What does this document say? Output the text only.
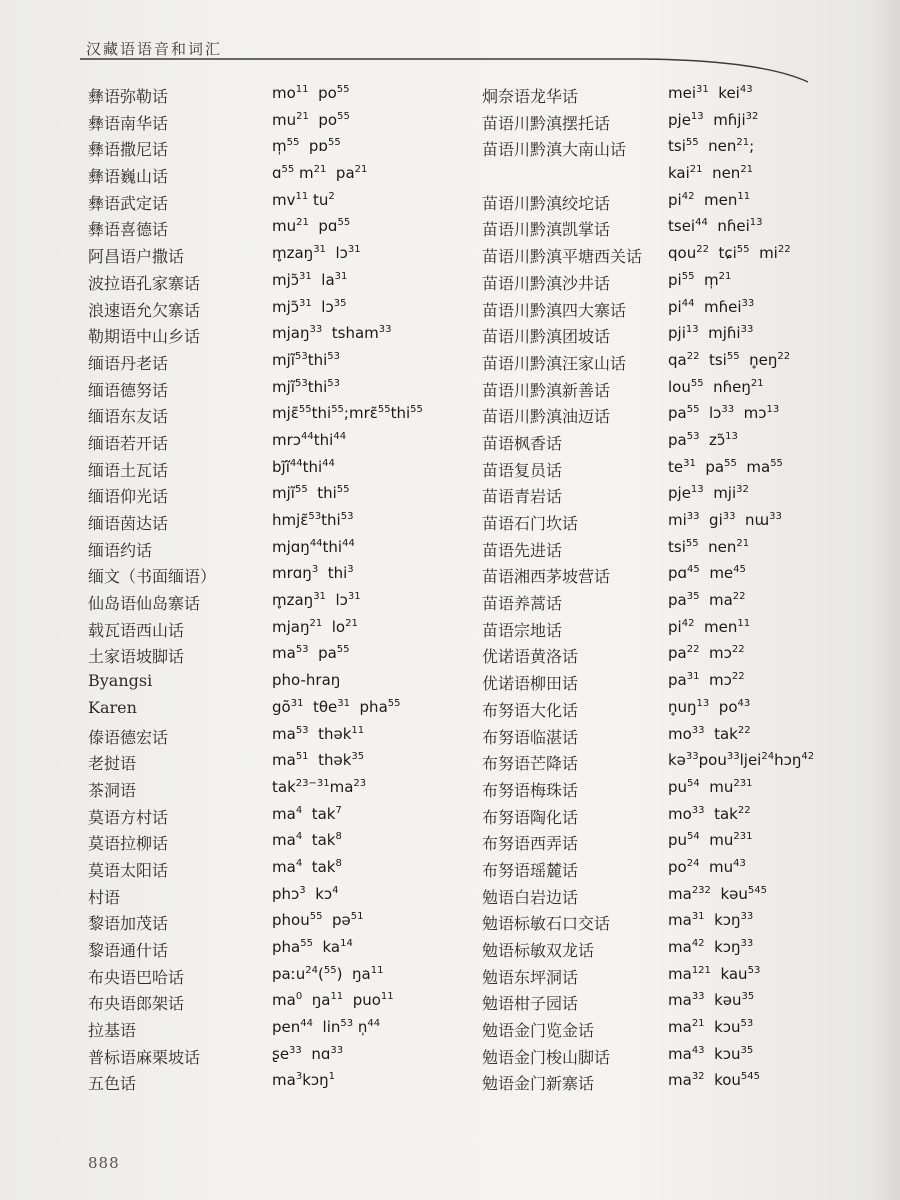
汉藏语语音和词汇
彝语弥勒话	$mo^{11}$  $po^{55}$
彝语南华话	$mu^{21}$  $po^{55}$
彝语撒尼话	m̩$^{55}$  pɒ$^{55}$
彝语巍山话	ɑ$^{55}$ $m^{21}$  $pa^{21}$
彝语武定话	$mv^{11}$ $tu^2$
彝语喜德话	$mu^{21}$  pɑ$^{55}$
阿昌语户撒话	m̥zaŋ$^{31}$  lɔ$^{31}$
波拉语孔家寨话	mjɔ̃$^{31}$  $la^{31}$
浪速语允欠寨话	mjɔ̃$^{31}$  lɔ$^{35}$
勒期语中山乡话	mjaŋ$^{33}$  tsham$^{33}$
缅语丹老话	mjĩ$^{53}$thi$^{53}$
缅语德努话	mjĩ$^{53}$thi$^{53}$
缅语东友话	mjɛ̃$^{55}$thi$^{55}$;mrɛ̃$^{55}$thi$^{55}$
缅语若开话	mrɔ$^{44}$thi$^{44}$
缅语土瓦话	$bj̃ĩ^{44}thi^{44}$
缅语仰光话	mjĩ$^{55}$  thi$^{55}$
缅语茵达话	hmjɛ̃$^{53}$thi$^{53}$
缅语约话	mjɑŋ$^{44}$thi$^{44}$
缅文（书面缅语）	mrɑŋ$^3$  thi$^3$
仙岛语仙岛寨话	m̥zaŋ$^{31}$  lɔ$^{31}$
载瓦语西山话	mjaŋ$^{21}$  $lo^{21}$
土家语坡脚话	$ma^{53}$  $pa^{55}$
Byangsi	pho-hraŋ
Karen	$gõ^{31}$  tθe$^{31}$  pha$^{55}$
傣语德宏话	$ma^{53}$  thək$^{11}$
老挝语	$ma^{51}$  thək$^{35}$
茶洞语	$tak^{23-31}ma^{23}$
莫语方村话	$ma^4$  tak$^7$
莫语拉柳话	$ma^4$  tak$^8$
莫语太阳话	$ma^4$  tak$^8$
村语	phɔ$^3$  kɔ$^4$
黎语加茂话	phou$^{55}$  pə$^{51}$
黎语通什话	pha$^{55}$  $ka^{14}$
布央语巴哈话	paːu$^{24}$($^{55}$)  $ŋa^{11}$
布央语郎架话	$ma^0$  $ŋa^{11}$  puo$^{11}$
拉基语	pen$^{44}$  lin$^{53}$ n̩$^{44}$
普标语麻栗坡话	ʂe$^{33}$  nɑ$^{33}$
五色话	$ma^3kɔŋ^1$
炯奈语龙华话	mei$^{31}$  kei$^{43}$
苗语川黔滇摆托话	pje$^{13}$  mɦji$^{32}$
苗语川黔滇大南山话	tsi$^{55}$  nen$^{21}$;
kai$^{21}$  nen$^{21}$
苗语川黔滇绞坨话	$pi^{42}$  men$^{11}$
苗语川黔滇凯掌话	tsei$^{44}$  nɦei$^{13}$
苗语川黔滇平塘西关话 qou$^{22}$  tɕi$^{55}$  $mi^{22}$
苗语川黔滇沙井话	$pi^{55}$  m̩$^{21}$
苗语川黔滇四大寨话	$pi^{44}$  mɦei$^{33}$
苗语川黔滇团坡话	pji$^{13}$  mjɦi$^{33}$
苗语川黔滇汪家山话	$qa^{22}$  tsi$^{55}$  $n̥eŋ^{22}$
苗语川黔滇新善话	lou$^{55}$  nɦeŋ$^{21}$
苗语川黔滇油迈话	$pa^{55}$  lɔ$^{33}$  mɔ$^{13}$
苗语枫香话	$pa^{53}$  zɔ̃$^{13}$
苗语复员话	$te^{31}$  $pa^{55}$  $ma^{55}$
苗语青岩话	pje$^{13}$  mji$^{32}$
苗语石门坎话	$mi^{33}$  $gi^{33}$  nɯ$^{33}$
苗语先进话	tsi$^{55}$  nen$^{21}$
苗语湘西茅坡营话	pɑ$^{45}$  $me^{45}$
苗语养蒿话	$pa^{35}$  $ma^{22}$
苗语宗地话	$pi^{42}$  men$^{11}$
优诺语黄洛话	$pa^{22}$  mɔ$^{22}$
优诺语柳田话	$pa^{31}$  mɔ$^{22}$
布努语大化话	$n̥uŋ^{13}$  $po^{43}$
布努语临湛话	$mo^{33}$  tak$^{22}$
布努语芒降话	kə$^{33}$pou$^{33}$ljei$^{24}$hɔŋ$^{42}$
布努语梅珠话	$pu^{54}$  $mu^{231}$
布努语陶化话	$mo^{33}$  tak$^{22}$
布努语西弄话	$pu^{54}$  $mu^{231}$
布努语瑶麓话	$po^{24}$  $mu^{43}$
勉语白岩边话	$ma^{232}$  kəu$^{545}$
勉语标敏石口交话	$ma^{31}$  kɔŋ$^{33}$
勉语标敏双龙话	$ma^{42}$  kɔŋ$^{33}$
勉语东坪洞话	$ma^{121}$  kau$^{53}$
勉语柑子园话	$ma^{33}$  kəu$^{35}$
勉语金门览金话	$ma^{21}$  kɔu$^{53}$
勉语金门梭山脚话	$ma^{43}$  kɔu$^{35}$
勉语金门新寨话	$ma^{32}$  kou$^{545}$
888
